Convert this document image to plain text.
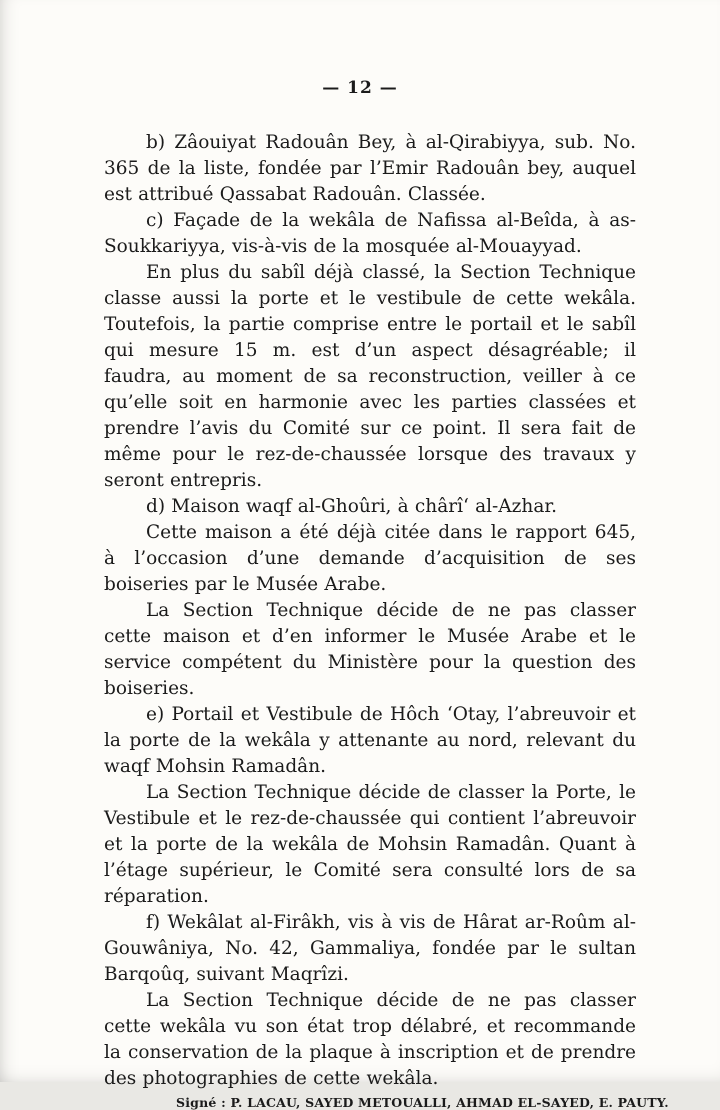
— 12 —

b) Zâouiyat Radouân Bey, à al-Qirabiyya, sub. No. 365 de la liste, fondée par l’Emir Radouân bey, auquel est attribué Qassabat Radouân. Classée.

c) Façade de la wekâla de Nafissa al-Beîda, à as-Soukkariyya, vis-à-vis de la mosquée al-Mouayyad.

En plus du sabîl déjà classé, la Section Technique classe aussi la porte et le vestibule de cette wekâla. Toutefois, la partie comprise entre le portail et le sabîl qui mesure 15 m. est d’un aspect désagréable; il faudra, au moment de sa reconstruction, veiller à ce qu’elle soit en harmonie avec les parties classées et prendre l’avis du Comité sur ce point. Il sera fait de même pour le rez-de-chaussée lorsque des travaux y seront entrepris.

d) Maison waqf al-Ghoûri, à chârî‘ al-Azhar.

Cette maison a été déjà citée dans le rapport 645, à l’occasion d’une demande d’acquisition de ses boiseries par le Musée Arabe.

La Section Technique décide de ne pas classer cette maison et d’en informer le Musée Arabe et le service compétent du Ministère pour la question des boiseries.

e) Portail et Vestibule de Hôch ‘Otay, l’abreuvoir et la porte de la wekâla y attenante au nord, relevant du waqf Mohsin Ramadân.

La Section Technique décide de classer la Porte, le Vestibule et le rez-de-chaussée qui contient l’abreuvoir et la porte de la wekâla de Mohsin Ramadân. Quant à l’étage supérieur, le Comité sera consulté lors de sa réparation.

f) Wekâlat al-Firâkh, vis à vis de Hârat ar-Roûm al-Gouwâniya, No. 42, Gammaliya, fondée par le sultan Barqoûq, suivant Maqrîzi.

La Section Technique décide de ne pas classer cette wekâla vu son état trop délabré, et recommande la conservation de la plaque à inscription et de prendre des photographies de cette wekâla.

Signé : P. LACAU, SAYED METOUALLI, AHMAD EL-SAYED, E. PAUTY.
